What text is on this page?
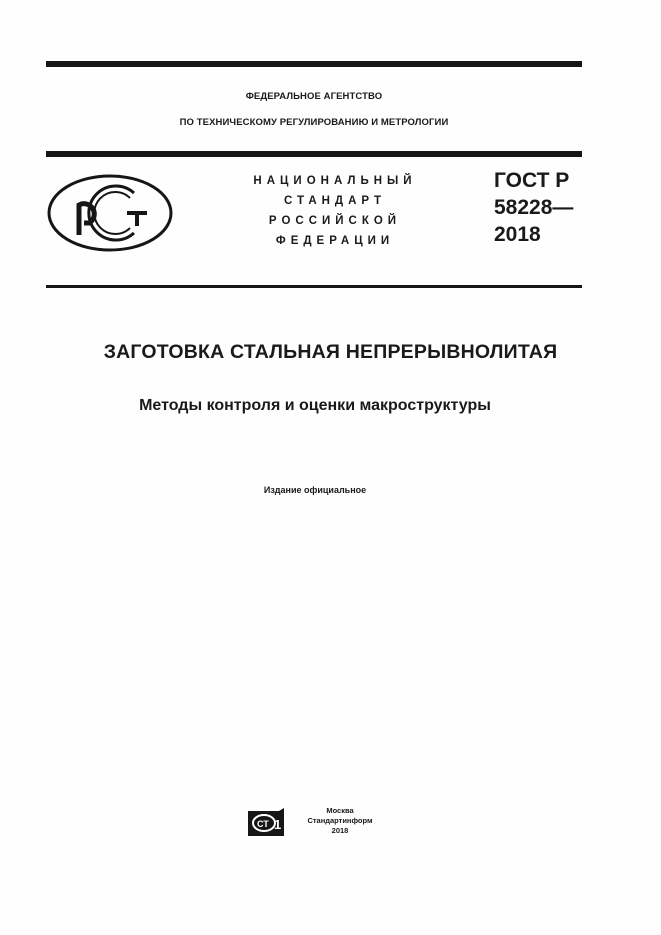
ФЕДЕРАЛЬНОЕ АГЕНТСТВО
ПО ТЕХНИЧЕСКОМУ РЕГУЛИРОВАНИЮ И МЕТРОЛОГИИ
НАЦИОНАЛЬНЫЙ
СТАНДАРТ
РОССИЙСКОЙ
ФЕДЕРАЦИИ
ГОСТ Р
58228—
2018
ЗАГОТОВКА СТАЛЬНАЯ НЕПРЕРЫВНОЛИТАЯ
Методы контроля и оценки макроструктуры
Издание официальное
СТ 1
Москва
Стандартинформ
2018
